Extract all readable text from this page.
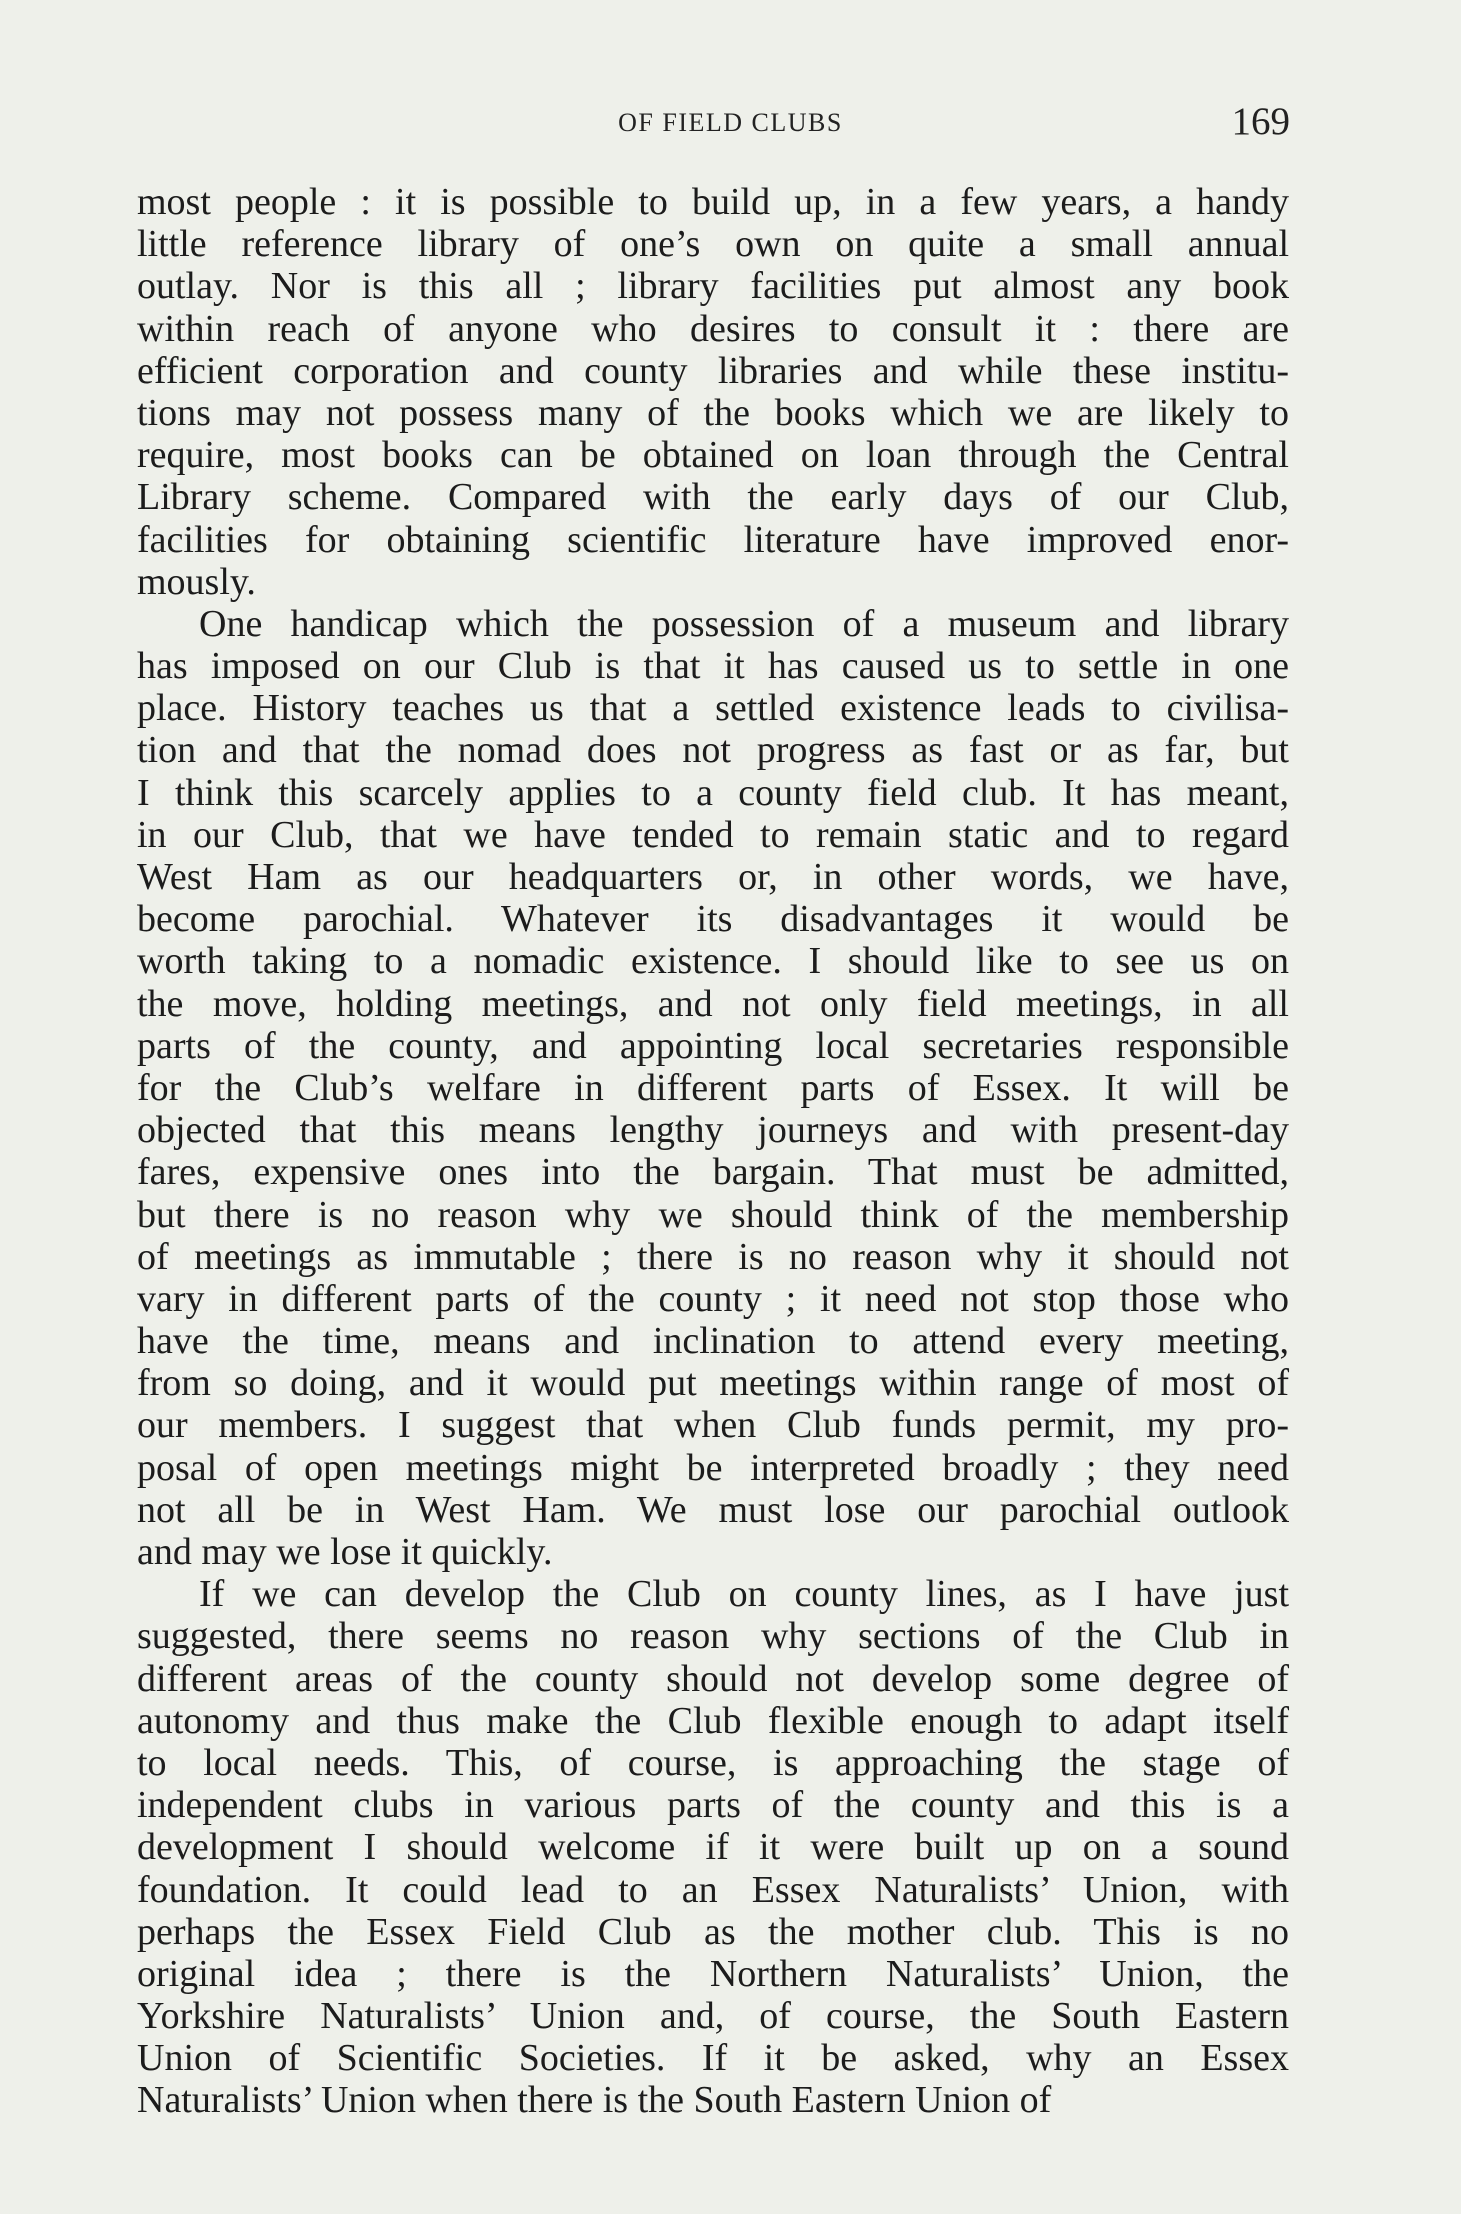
OF FIELD CLUBS	169
most people : it is possible to build up, in a few years, a handy
little reference library of one’s own on quite a small annual
outlay. Nor is this all ; library facilities put almost any book
within reach of anyone who desires to consult it : there are
efficient corporation and county libraries and while these institu-
tions may not possess many of the books which we are likely to
require, most books can be obtained on loan through the Central
Library scheme. Compared with the early days of our Club,
facilities for obtaining scientific literature have improved enor-
mously.
One handicap which the possession of a museum and library
has imposed on our Club is that it has caused us to settle in one
place. History teaches us that a settled existence leads to civilisa-
tion and that the nomad does not progress as fast or as far, but
I think this scarcely applies to a county field club. It has meant,
in our Club, that we have tended to remain static and to regard
West Ham as our headquarters or, in other words, we have,
become parochial. Whatever its disadvantages it would be
worth taking to a nomadic existence. I should like to see us on
the move, holding meetings, and not only field meetings, in all
parts of the county, and appointing local secretaries responsible
for the Club’s welfare in different parts of Essex. It will be
objected that this means lengthy journeys and with present-day
fares, expensive ones into the bargain. That must be admitted,
but there is no reason why we should think of the membership
of meetings as immutable ; there is no reason why it should not
vary in different parts of the county ; it need not stop those who
have the time, means and inclination to attend every meeting,
from so doing, and it would put meetings within range of most of
our members. I suggest that when Club funds permit, my pro-
posal of open meetings might be interpreted broadly ; they need
not all be in West Ham. We must lose our parochial outlook
and may we lose it quickly.
If we can develop the Club on county lines, as I have just
suggested, there seems no reason why sections of the Club in
different areas of the county should not develop some degree of
autonomy and thus make the Club flexible enough to adapt itself
to local needs. This, of course, is approaching the stage of
independent clubs in various parts of the county and this is a
development I should welcome if it were built up on a sound
foundation. It could lead to an Essex Naturalists’ Union, with
perhaps the Essex Field Club as the mother club. This is no
original idea ; there is the Northern Naturalists’ Union, the
Yorkshire Naturalists’ Union and, of course, the South Eastern
Union of Scientific Societies. If it be asked, why an Essex
Naturalists’ Union when there is the South Eastern Union of
